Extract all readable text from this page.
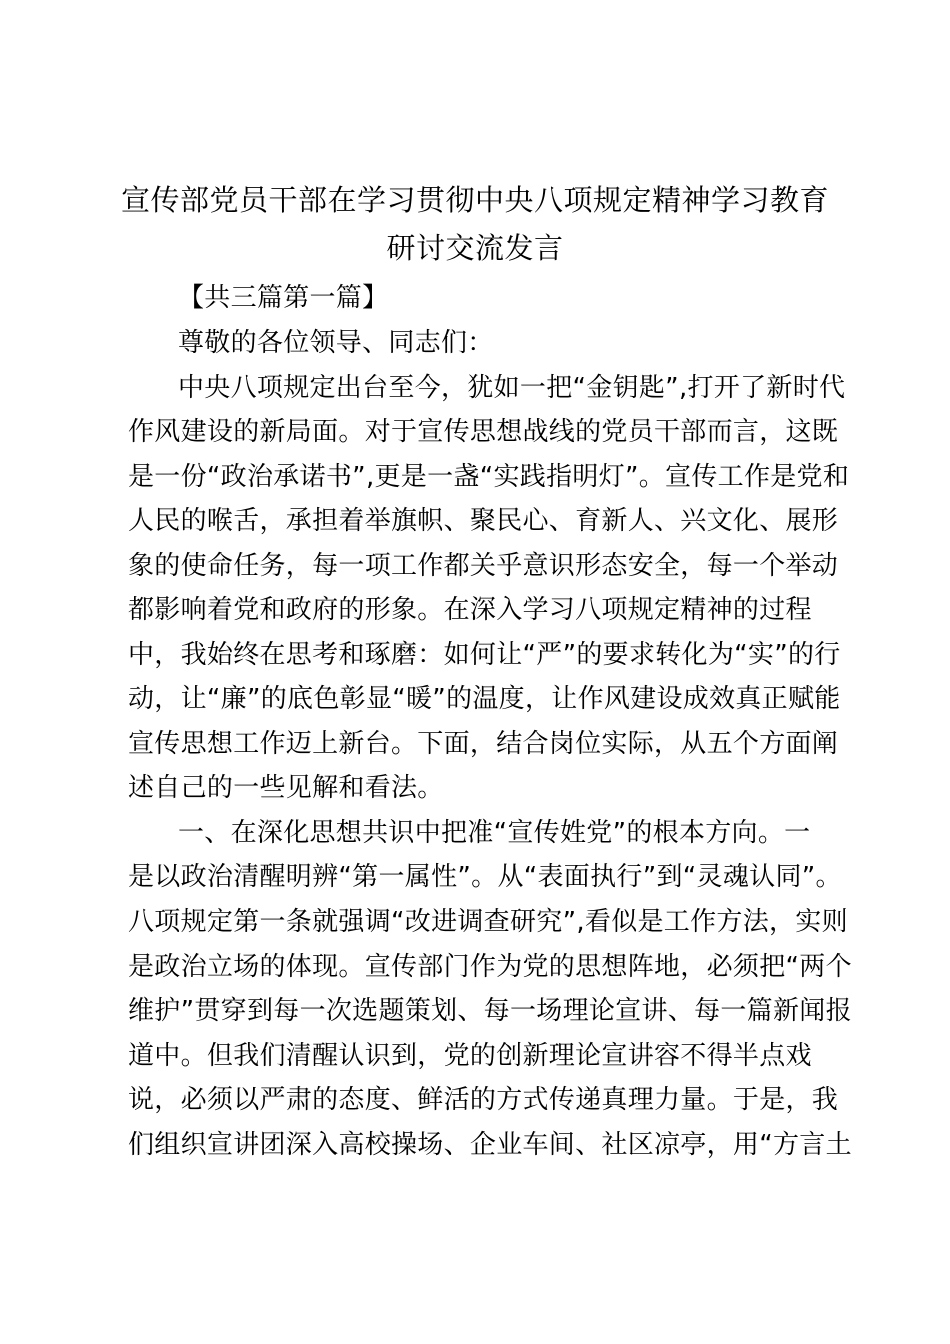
宣传部党员干部在学习贯彻中央八项规定精神学习教育
研讨交流发言
【共三篇第一篇】
尊敬的各位领导、同志们：
中央八项规定出台至今，犹如一把“金钥匙”,打开了新时代
作风建设的新局面。对于宣传思想战线的党员干部而言，这既
是一份“政治承诺书”,更是一盏“实践指明灯”。宣传工作是党和
人民的喉舌，承担着举旗帜、聚民心、育新人、兴文化、展形
象的使命任务，每一项工作都关乎意识形态安全，每一个举动
都影响着党和政府的形象。在深入学习八项规定精神的过程
中，我始终在思考和琢磨：如何让“严”的要求转化为“实”的行
动，让“廉”的底色彰显“暖”的温度，让作风建设成效真正赋能
宣传思想工作迈上新台。下面，结合岗位实际，从五个方面阐
述自己的一些见解和看法。
一、在深化思想共识中把准“宣传姓党”的根本方向。一
是以政治清醒明辨“第一属性”。从“表面执行”到“灵魂认同”。
八项规定第一条就强调“改进调查研究”,看似是工作方法，实则
是政治立场的体现。宣传部门作为党的思想阵地，必须把“两个
维护”贯穿到每一次选题策划、每一场理论宣讲、每一篇新闻报
道中。但我们清醒认识到，党的创新理论宣讲容不得半点戏
说，必须以严肃的态度、鲜活的方式传递真理力量。于是，我
们组织宣讲团深入高校操场、企业车间、社区凉亭，用“方言土
